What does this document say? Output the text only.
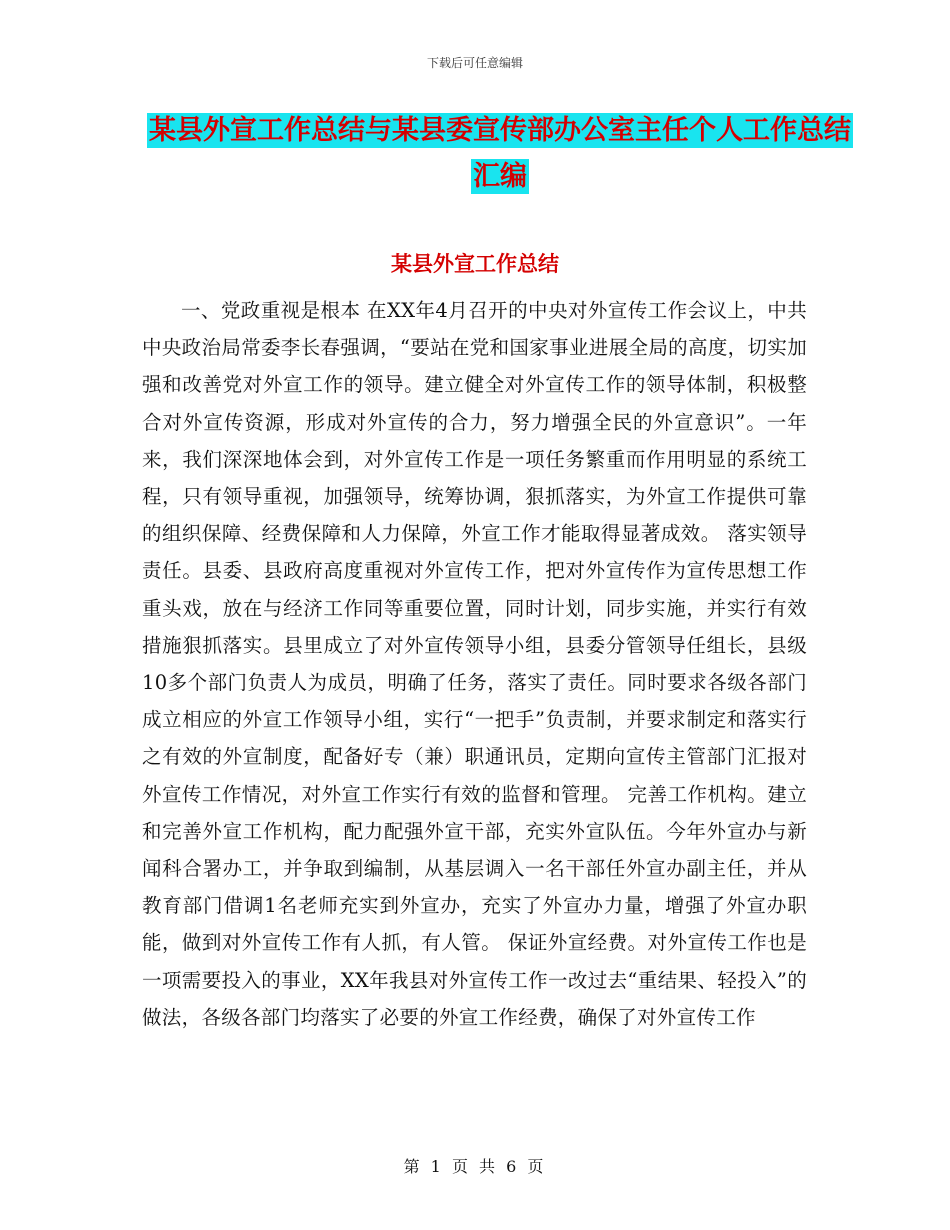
下载后可任意编辑
某县外宣工作总结与某县委宣传部办公室主任个人工作总结汇编
某县外宣工作总结

一、党政重视是根本 在XX年4月召开的中央对外宣传工作会议上，中共中央政治局常委李长春强调，“要站在党和国家事业进展全局的高度，切实加强和改善党对外宣工作的领导。建立健全对外宣传工作的领导体制，积极整合对外宣传资源，形成对外宣传的合力，努力增强全民的外宣意识”。一年来，我们深深地体会到，对外宣传工作是一项任务繁重而作用明显的系统工程，只有领导重视，加强领导，统筹协调，狠抓落实，为外宣工作提供可靠的组织保障、经费保障和人力保障，外宣工作才能取得显著成效。 落实领导责任。县委、县政府高度重视对外宣传工作，把对外宣传作为宣传思想工作重头戏，放在与经济工作同等重要位置，同时计划，同步实施，并实行有效措施狠抓落实。县里成立了对外宣传领导小组，县委分管领导任组长，县级10多个部门负责人为成员，明确了任务，落实了责任。同时要求各级各部门成立相应的外宣工作领导小组，实行“一把手”负责制，并要求制定和落实行之有效的外宣制度，配备好专（兼）职通讯员，定期向宣传主管部门汇报对外宣传工作情况，对外宣工作实行有效的监督和管理。 完善工作机构。建立和完善外宣工作机构，配力配强外宣干部，充实外宣队伍。今年外宣办与新闻科合署办工，并争取到编制，从基层调入一名干部任外宣办副主任，并从教育部门借调1名老师充实到外宣办，充实了外宣办力量，增强了外宣办职能，做到对外宣传工作有人抓，有人管。 保证外宣经费。对外宣传工作也是一项需要投入的事业，XX年我县对外宣传工作一改过去“重结果、轻投入”的做法，各级各部门均落实了必要的外宣工作经费，确保了对外宣传工作

第 1 页 共 6 页
